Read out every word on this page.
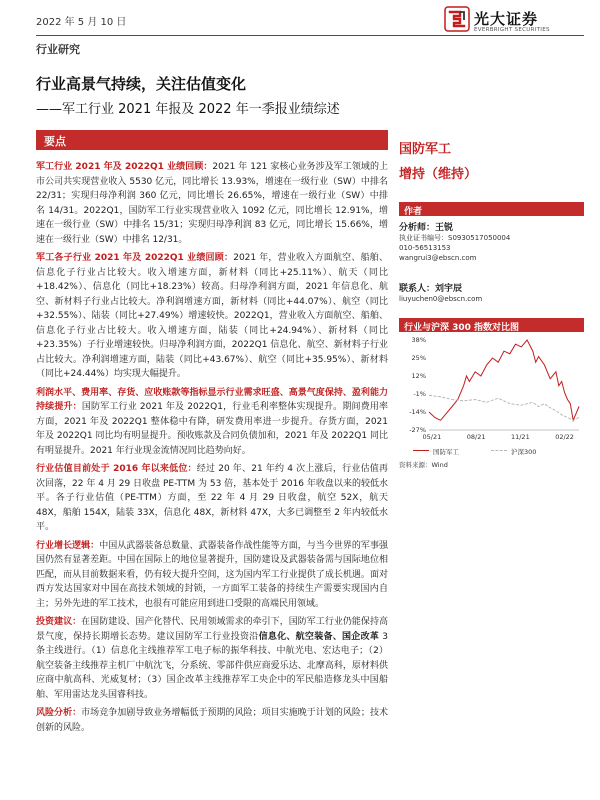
2022 年 5 月 10 日	光大证券
EVERBRIGHT SECURITIES
行业研究
行业高景气持续，关注估值变化
——军工行业 2021 年报及 2022 年一季报业绩综述
要点

军工行业 2021 年及 2022Q1 业绩回顾：2021 年 121 家核心业务涉及军工领域的上市公司共实现营业收入 5530 亿元，同比增长 13.93%，增速在一级行业（SW）中排名 22/31；实现归母净利润 360 亿元，同比增长 26.65%，增速在一级行业（SW）中排名 14/31。2022Q1，国防军工行业实现营业收入 1092 亿元，同比增长 12.91%，增速在一级行业（SW）中排名 15/31；实现归母净利润 83 亿元，同比增长 15.66%，增速在一级行业（SW）中排名 12/31。

军工各子行业 2021 年及 2022Q1 业绩回顾：2021 年，营业收入方面航空、船舶、信息化子行业占比较大。收入增速方面，新材料（同比+25.11%）、航天（同比+18.42%）、信息化（同比+18.23%）较高。归母净利润方面，2021 年信息化、航空、新材料子行业占比较大。净利润增速方面，新材料（同比+44.07%）、航空（同比+32.55%）、陆装（同比+27.49%）增速较快。2022Q1，营业收入方面航空、船舶、信息化子行业占比较大。收入增速方面，陆装（同比+24.94%）、新材料（同比+23.35%）子行业增速较快。归母净利润方面，2022Q1 信息化、航空、新材料子行业占比较大。净利润增速方面，陆装（同比+43.67%）、航空（同比+35.95%）、新材料（同比+24.44%）均实现大幅提升。

利润水平、费用率、存货、应收账款等指标显示行业需求旺盛、高景气度保持、盈利能力持续提升：国防军工行业 2021 年及 2022Q1，行业毛利率整体实现提升。期间费用率方面，2021 年及 2022Q1 整体稳中有降，研发费用率进一步提升。存货方面，2021 年及 2022Q1 同比均有明显提升。预收账款及合同负债加和，2021 年及 2022Q1 同比有明显提升。2021 年行业现金流情况同比趋势向好。

行业估值目前处于 2016 年以来低位：经过 20 年、21 年约 4 次上涨后，行业估值再次回落，22 年 4 月 29 日收盘 PE-TTM 为 53 倍，基本处于 2016 年收盘以来的较低水平。各子行业估值（PE-TTM）方面，至 22 年 4 月 29 日收盘，航空 52X，航天 48X，船舶 154X，陆装 33X，信息化 48X，新材料 47X，大多已调整至 2 年内较低水平。

行业增长逻辑：中国从武器装备总数量、武器装备作战性能等方面，与当今世界的军事强国仍然有显著差距。中国在国际上的地位显著提升，国防建设及武器装备需与国际地位相匹配，而从目前数据来看，仍有较大提升空间，这为国内军工行业提供了成长机遇。面对西方发达国家对中国在高技术领域的封锁，一方面军工装备的持续生产需要实现国内自主；另外先进的军工技术，也很有可能应用到进口受限的高端民用领域。

投资建议：在国防建设、国产化替代、民用领域需求的牵引下，国防军工行业仍能保持高景气度，保持长期增长态势。建议国防军工行业投资沿信息化、航空装备、国企改革 3 条主线进行。（1）信息化主线推荐军工电子标的振华科技、中航光电、宏达电子；（2）航空装备主线推荐主机厂中航沈飞，分系统、零部件供应商爱乐达、北摩高科，原材料供应商中航高科、光威复材；（3）国企改革主线推荐军工央企中的军民船造修龙头中国船舶、军用雷达龙头国睿科技。

风险分析：市场竞争加剧导致业务增幅低于预期的风险；项目实施晚于计划的风险；技术创新的风险。

国防军工
增持（维持）
作者
分析师：王锐
执业证书编号：S0930517050004
010-56513153
wangrui3@ebscn.com
联系人：刘宇辰
liuyuchen0@ebscn.com
行业与沪深 300 指数对比图
38%
25%
12%
-1%
-14%
-27%
05/21	08/21	11/21	02/22
国防军工	沪深300
资料来源：Wind
